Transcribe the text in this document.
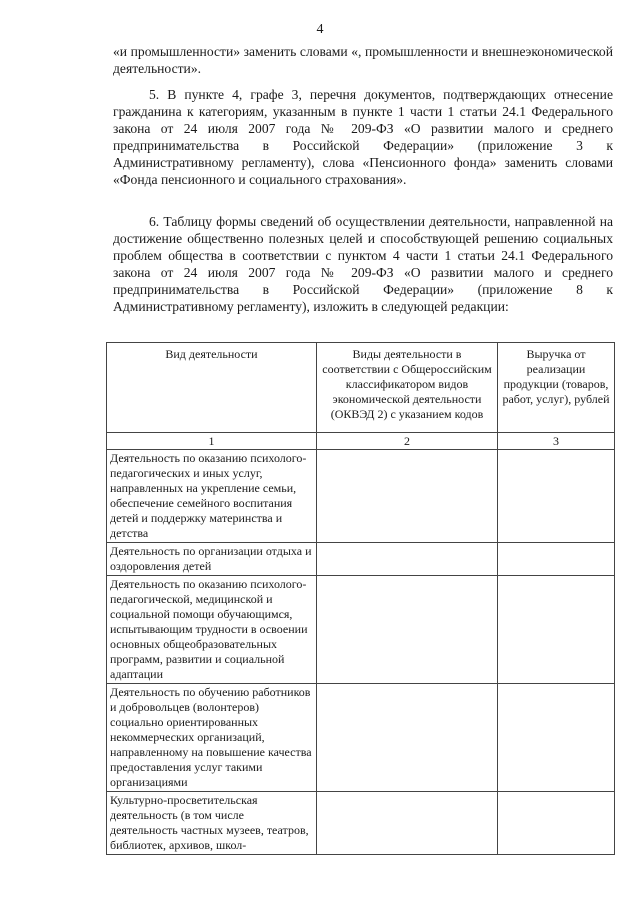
4

«и промышленности» заменить словами «, промышленности и внешнеэкономической деятельности».

5. В пункте 4, графе 3, перечня документов, подтверждающих отнесение гражданина к категориям, указанным в пункте 1 части 1 статьи 24.1 Федерального закона от 24 июля 2007 года № 209-ФЗ «О развитии малого и среднего предпринимательства в Российской Федерации» (приложение 3 к Административному регламенту), слова «Пенсионного фонда» заменить словами «Фонда пенсионного и социального страхования».

6. Таблицу формы сведений об осуществлении деятельности, направленной на достижение общественно полезных целей и способствующей решению социальных проблем общества в соответствии с пунктом 4 части 1 статьи 24.1 Федерального закона от 24 июля 2007 года № 209-ФЗ «О развитии малого и среднего предпринимательства в Российской Федерации» (приложение 8 к Административному регламенту), изложить в следующей редакции:

Вид деятельности	Виды деятельности в соответствии с Общероссийским классификатором видов экономической деятельности (ОКВЭД 2) с указанием кодов	Выручка от реализации продукции (товаров, работ, услуг), рублей
1	2	3
Деятельность по оказанию психолого-педагогических и иных услуг, направленных на укрепление семьи, обеспечение семейного воспитания детей и поддержку материнства и детства		
Деятельность по организации отдыха и оздоровления детей		
Деятельность по оказанию психолого-педагогической, медицинской и социальной помощи обучающимся, испытывающим трудности в освоении основных общеобразовательных программ, развитии и социальной адаптации		
Деятельность по обучению работников и добровольцев (волонтеров) социально ориентированных некоммерческих организаций, направленному на повышение качества предоставления услуг такими организациями		
Культурно-просветительская деятельность (в том числе деятельность частных музеев, театров, библиотек, архивов, школ-		
